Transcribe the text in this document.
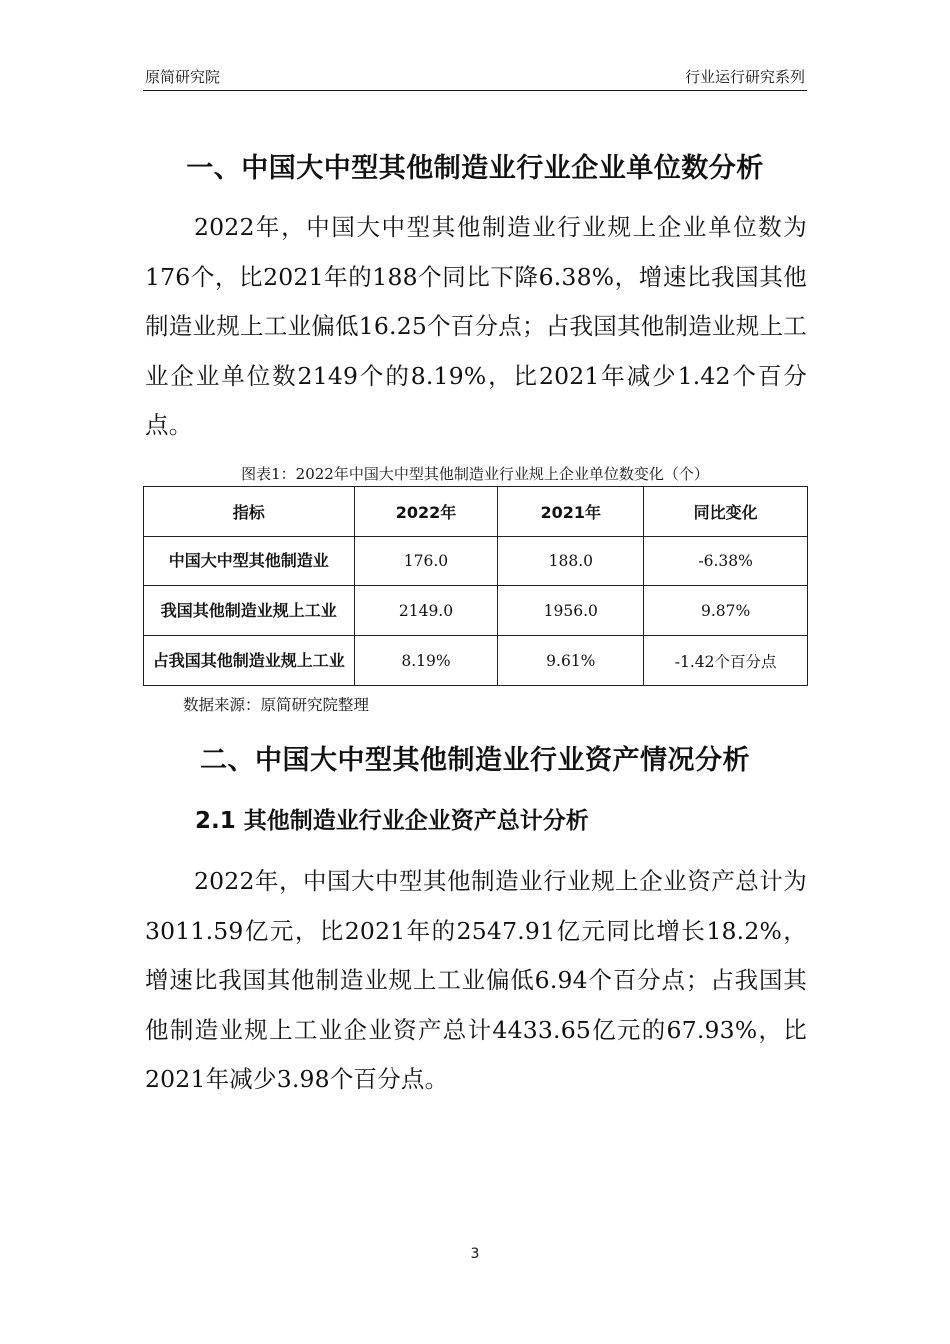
原简研究院	行业运行研究系列
一、中国大中型其他制造业行业企业单位数分析

2022年，中国大中型其他制造业行业规上企业单位数为176个，比2021年的188个同比下降6.38%，增速比我国其他制造业规上工业偏低16.25个百分点；占我国其他制造业规上工业企业单位数2149个的8.19%，比2021年减少1.42个百分点。

图表1：2022年中国大中型其他制造业行业规上企业单位数变化（个）
指标	2022年	2021年	同比变化
中国大中型其他制造业	176.0	188.0	-6.38%
我国其他制造业规上工业	2149.0	1956.0	9.87%
占我国其他制造业规上工业	8.19%	9.61%	-1.42个百分点
数据来源：原简研究院整理
二、中国大中型其他制造业行业资产情况分析
2.1 其他制造业行业企业资产总计分析

2022年，中国大中型其他制造业行业规上企业资产总计为3011.59亿元，比2021年的2547.91亿元同比增长18.2%，增速比我国其他制造业规上工业偏低6.94个百分点；占我国其他制造业规上工业企业资产总计4433.65亿元的67.93%，比2021年减少3.98个百分点。

3
